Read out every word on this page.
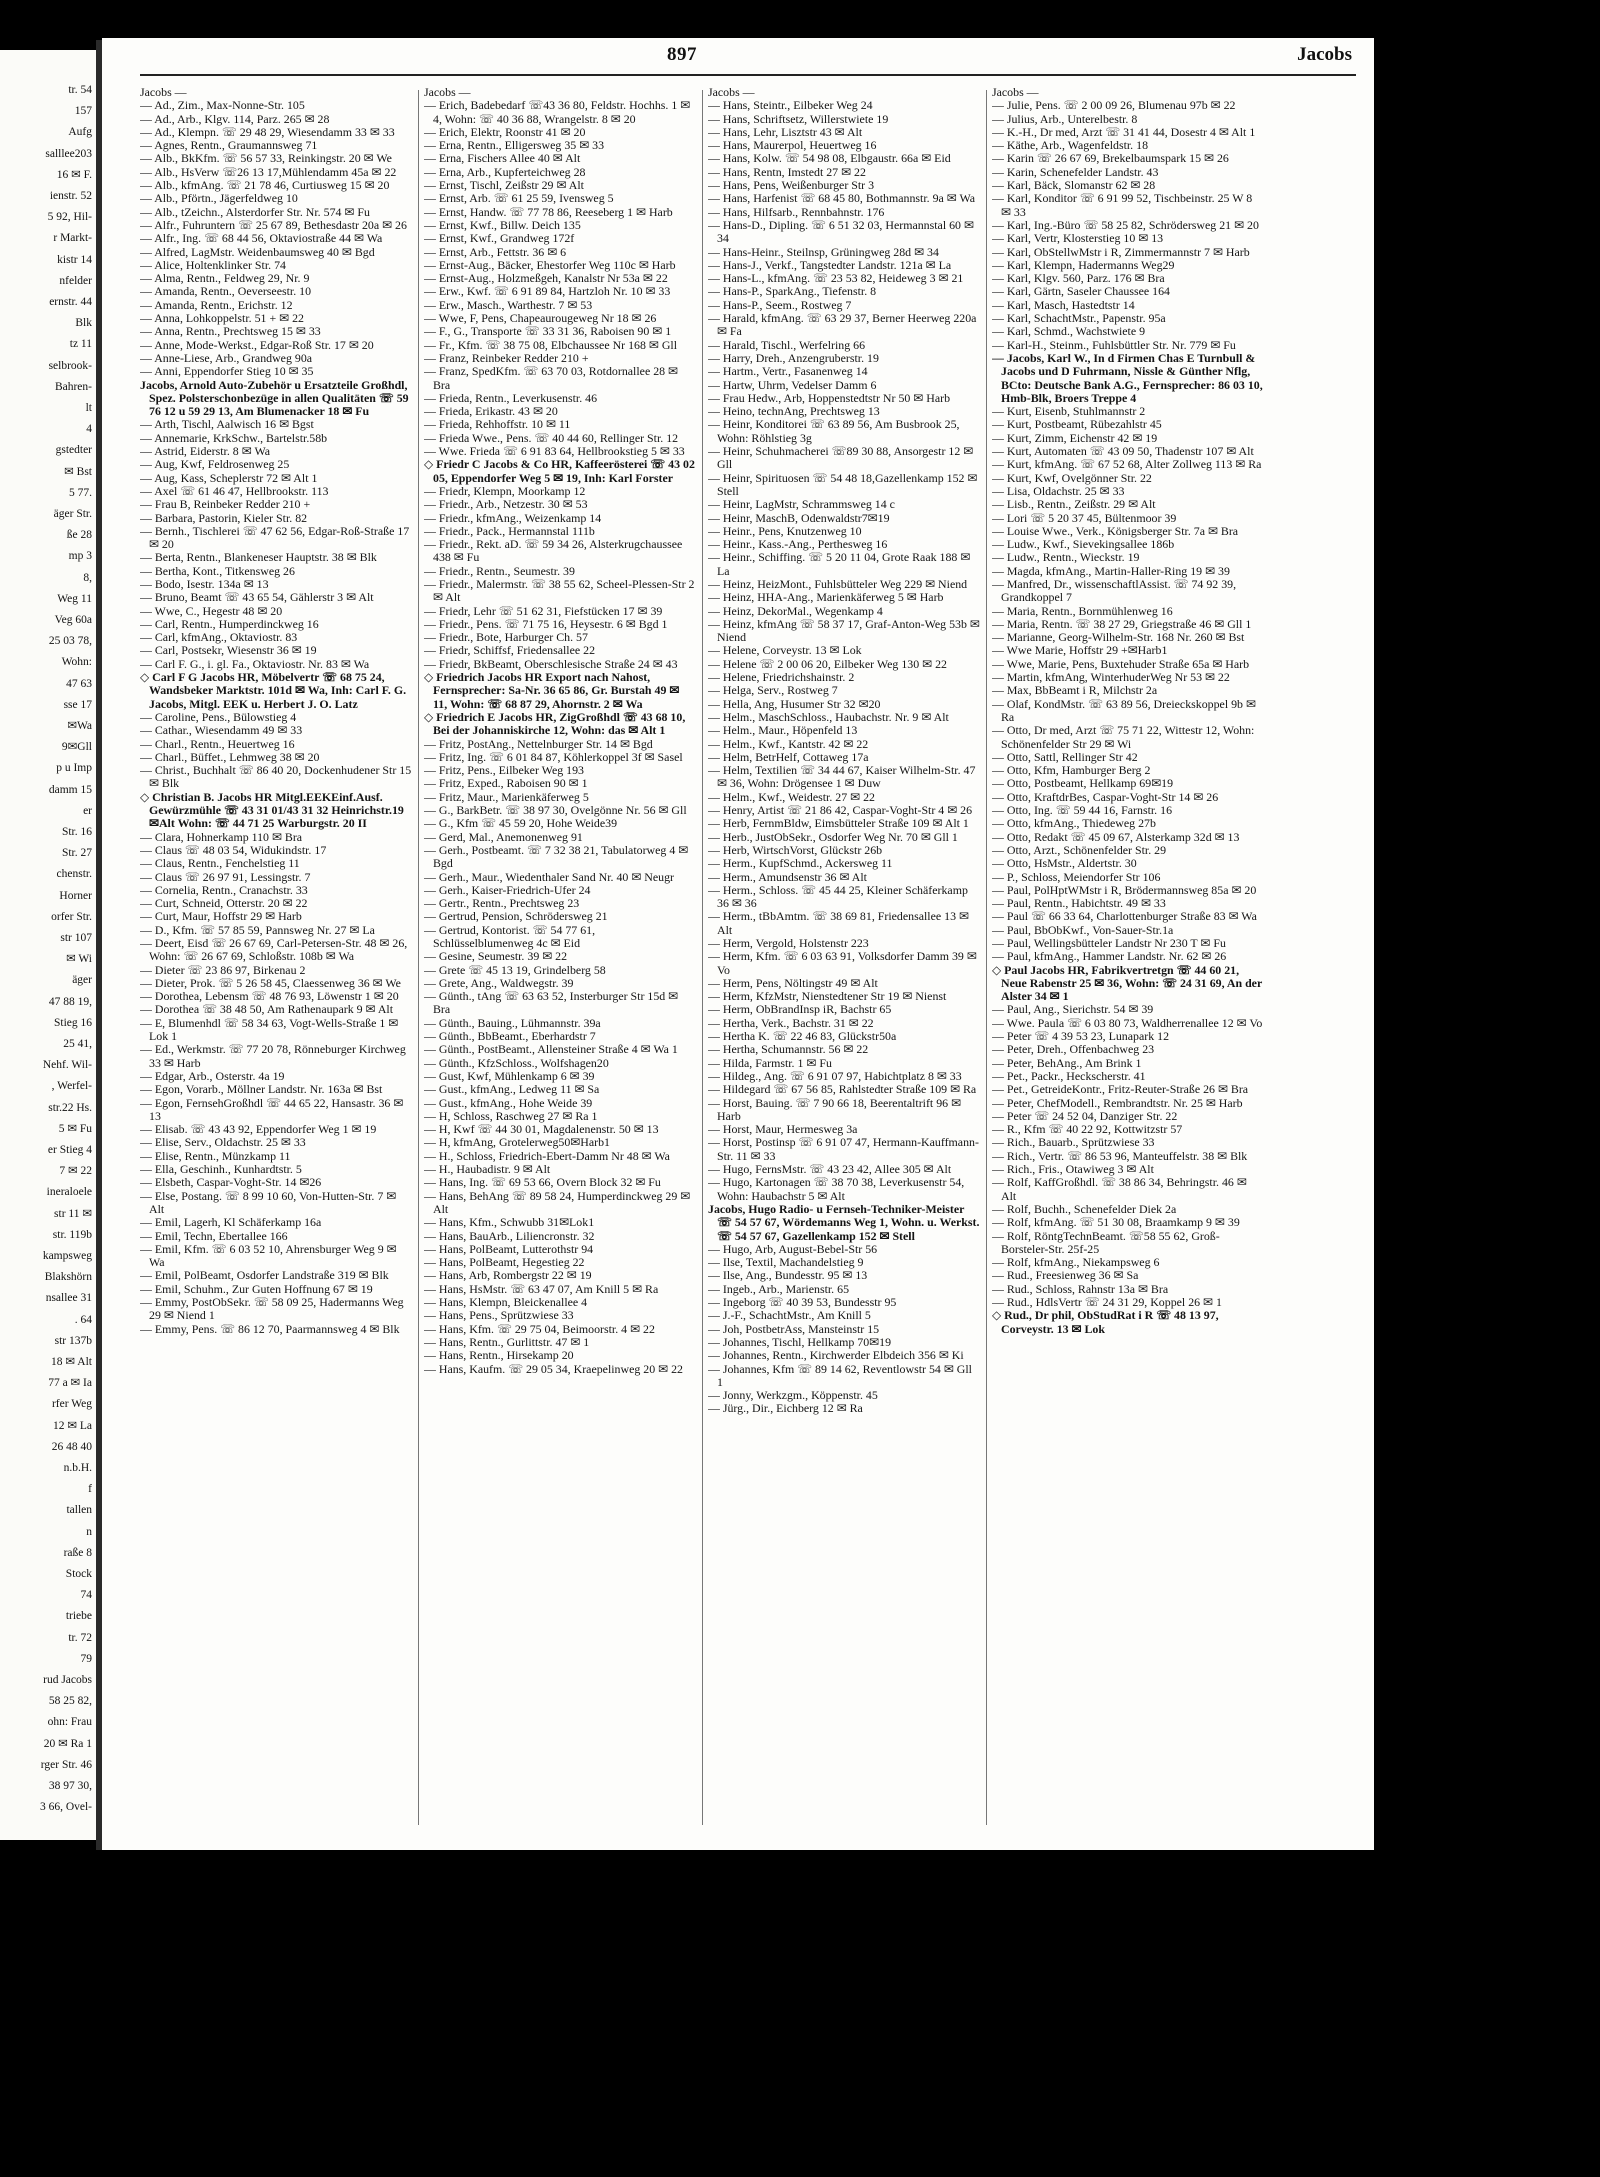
tr. 54
157
Aufg
salllee203
16 ✉ F.
ienstr. 52
5 92, Hil-
r Markt-
kistr 14
nfelder
ernstr. 44
Blk
tz 11
selbrook-
Bahren-
lt
4
gstedter
✉ Bst
5 77.
äger Str.
ße 28
mp 3
8,
Weg 11
Veg 60a
25 03 78,
Wohn:
47 63
sse 17
✉Wa
9✉Gll
p u Imp
damm 15
er
Str. 16
Str. 27
chenstr.
Horner
orfer Str.
str 107
✉ Wi
äger
47 88 19,
Stieg 16
25 41,
Nehf. Wil-
, Werfel-
str.22 Hs.
5 ✉ Fu
er Stieg 4
7 ✉ 22
ineraloele
str 11 ✉
str. 119b
kampsweg
Blakshörn
nsallee 31
. 64
str 137b
18 ✉ Alt
77 a ✉ Ia
rfer Weg
12 ✉ La
26 48 40
n.b.H.
f
tallen
n
raße 8
Stock
74
triebe
tr. 72
79
rud Jacobs
58 25 82,
ohn: Frau
20 ✉ Ra 1
rger Str. 46
38 97 30,
3 66, Ovel-
897	Jacobs
Jacobs —

— Ad., Zim., Max-Nonne-Str. 105

— Ad., Arb., Klgv. 114, Parz. 265 ✉ 28

— Ad., Klempn. ☏ 29 48 29, Wiesendamm 33 ✉ 33

— Agnes, Rentn., Graumannsweg 71

— Alb., BkKfm. ☏ 56 57 33, Reinkingstr. 20 ✉ We

— Alb., HsVerw ☏26 13 17,Mühlendamm 45a ✉ 22

— Alb., kfmAng. ☏ 21 78 46, Curtiusweg 15 ✉ 20

— Alb., Pförtn., Jägerfeldweg 10

— Alb., tZeichn., Alsterdorfer Str. Nr. 574 ✉ Fu

— Alfr., Fuhruntern ☏ 25 67 89, Bethesdastr 20a ✉ 26

— Alfr., Ing. ☏ 68 44 56, Oktaviostraße 44 ✉ Wa

— Alfred, LagMstr. Weidenbaumsweg 40 ✉ Bgd

— Alice, Holtenklinker Str. 74

— Alma, Rentn., Feldweg 29, Nr. 9

— Amanda, Rentn., Oeverseestr. 10

— Amanda, Rentn., Erichstr. 12

— Anna, Lohkoppelstr. 51 + ✉ 22

— Anna, Rentn., Prechtsweg 15 ✉ 33

— Anne, Mode-Werkst., Edgar-Roß Str. 17 ✉ 20

— Anne-Liese, Arb., Grandweg 90a

— Anni, Eppendorfer Stieg 10 ✉ 35

Jacobs, Arnold Auto-Zubehör u Ersatzteile Großhdl, Spez. Polsterschonbezüge in allen Qualitäten ☏ 59 76 12 u 59 29 13, Am Blumenacker 18 ✉ Fu

— Arth, Tischl, Aalwisch 16 ✉ Bgst

— Annemarie, KrkSchw., Bartelstr.58b

— Astrid, Eiderstr. 8 ✉ Wa

— Aug, Kwf, Feldrosenweg 25

— Aug, Kass, Scheplerstr 72 ✉ Alt 1

— Axel ☏ 61 46 47, Hellbrookstr. 113

— Frau B, Reinbeker Redder 210 +

— Barbara, Pastorin, Kieler Str. 82

— Bernh., Tischlerei ☏ 47 62 56, Edgar-Roß-Straße 17 ✉ 20

— Berta, Rentn., Blankeneser Hauptstr. 38 ✉ Blk

— Bertha, Kont., Titkensweg 26

— Bodo, Isestr. 134a ✉ 13

— Bruno, Beamt ☏ 43 65 54, Gählerstr 3 ✉ Alt

— Wwe, C., Hegestr 48 ✉ 20

— Carl, Rentn., Humperdinckweg 16

— Carl, kfmAng., Oktaviostr. 83

— Carl, Postsekr, Wiesenstr 36 ✉ 19

— Carl F. G., i. gl. Fa., Oktaviostr. Nr. 83 ✉ Wa

◇ Carl F G Jacobs HR, Möbelvertr ☏ 68 75 24, Wandsbeker Marktstr. 101d ✉ Wa, Inh: Carl F. G. Jacobs, Mitgl. EEK u. Herbert J. O. Latz

— Caroline, Pens., Bülowstieg 4

— Cathar., Wiesendamm 49 ✉ 33

— Charl., Rentn., Heuertweg 16

— Charl., Büffet., Lehmweg 38 ✉ 20

— Christ., Buchhalt ☏ 86 40 20, Dockenhudener Str 15 ✉ Blk

◇ Christian B. Jacobs HR Mitgl.EEKEinf.Ausf. Gewürzmühle ☏ 43 31 01/43 31 32 Heinrichstr.19✉Alt Wohn: ☏ 44 71 25 Warburgstr. 20 II

— Clara, Hohnerkamp 110 ✉ Bra

— Claus ☏ 48 03 54, Widukindstr. 17

— Claus, Rentn., Fenchelstieg 11

— Claus ☏ 26 97 91, Lessingstr. 7

— Cornelia, Rentn., Cranachstr. 33

— Curt, Schneid, Otterstr. 20 ✉ 22

— Curt, Maur, Hoffstr 29 ✉ Harb

— D., Kfm. ☏ 57 85 59, Pannsweg Nr. 27 ✉ La

— Deert, Eisd ☏ 26 67 69, Carl-Petersen-Str. 48 ✉ 26, Wohn: ☏ 26 67 69, Schloßstr. 108b ✉ Wa

— Dieter ☏ 23 86 97, Birkenau 2

— Dieter, Prok. ☏ 5 26 58 45, Claessenweg 36 ✉ We

— Dorothea, Lebensm ☏ 48 76 93, Löwenstr 1 ✉ 20

— Dorothea ☏ 38 48 50, Am Rathenaupark 9 ✉ Alt

— E, Blumenhdl ☏ 58 34 63, Vogt-Wells-Straße 1 ✉ Lok 1

— Ed., Werkmstr. ☏ 77 20 78, Rönneburger Kirchweg 33 ✉ Harb

— Edgar, Arb., Osterstr. 4a 19

— Egon, Vorarb., Möllner Landstr. Nr. 163a ✉ Bst

— Egon, FernsehGroßhdl ☏ 44 65 22, Hansastr. 36 ✉ 13

— Elisab. ☏ 43 43 92, Eppendorfer Weg 1 ✉ 19

— Elise, Serv., Oldachstr. 25 ✉ 33

— Elise, Rentn., Münzkamp 11

— Ella, Geschinh., Kunhardtstr. 5

— Elsbeth, Caspar-Voght-Str. 14 ✉26

— Else, Postang. ☏ 8 99 10 60, Von-Hutten-Str. 7 ✉ Alt

— Emil, Lagerh, Kl Schäferkamp 16a

— Emil, Techn, Ebertallee 166

— Emil, Kfm. ☏ 6 03 52 10, Ahrensburger Weg 9 ✉ Wa

— Emil, PolBeamt, Osdorfer Landstraße 319 ✉ Blk

— Emil, Schuhm., Zur Guten Hoffnung 67 ✉ 19

— Emmy, PostObSekr. ☏ 58 09 25, Hadermanns Weg 29 ✉ Niend 1

— Emmy, Pens. ☏ 86 12 70, Paarmannsweg 4 ✉ Blk

Jacobs —

— Erich, Badebedarf ☏43 36 80, Feldstr. Hochhs. 1 ✉ 4, Wohn: ☏ 40 36 88, Wrangelstr. 8 ✉ 20

— Erich, Elektr, Roonstr 41 ✉ 20

— Erna, Rentn., Elligersweg 35 ✉ 33

— Erna, Fischers Allee 40 ✉ Alt

— Erna, Arb., Kupferteichweg 28

— Ernst, Tischl, Zeißstr 29 ✉ Alt

— Ernst, Arb. ☏ 61 25 59, Ivensweg 5

— Ernst, Handw. ☏ 77 78 86, Reeseberg 1 ✉ Harb

— Ernst, Kwf., Billw. Deich 135

— Ernst, Kwf., Grandweg 172f

— Ernst, Arb., Fettstr. 36 ✉ 6

— Ernst-Aug., Bäcker, Ehestorfer Weg 110c ✉ Harb

— Ernst-Aug., Holzmeßgeh, Kanalstr Nr 53a ✉ 22

— Erw., Kwf. ☏ 6 91 89 84, Hartzloh Nr. 10 ✉ 33

— Erw., Masch., Warthestr. 7 ✉ 53

— Wwe, F, Pens, Chapeaurougeweg Nr 18 ✉ 26

— F., G., Transporte ☏ 33 31 36, Raboisen 90 ✉ 1

— Fr., Kfm. ☏ 38 75 08, Elbchaussee Nr 168 ✉ Gll

— Franz, Reinbeker Redder 210 +

— Franz, SpedKfm. ☏ 63 70 03, Rotdornallee 28 ✉ Bra

— Frieda, Rentn., Leverkusenstr. 46

— Frieda, Erikastr. 43 ✉ 20

— Frieda, Rehhoffstr. 10 ✉ 11

— Frieda Wwe., Pens. ☏ 40 44 60, Rellinger Str. 12

— Wwe. Frieda ☏ 6 91 83 64, Hellbrookstieg 5 ✉ 33

◇ Friedr C Jacobs & Co HR, Kaffeerösterei ☏ 43 02 05, Eppendorfer Weg 5 ✉ 19, Inh: Karl Forster

— Friedr, Klempn, Moorkamp 12

— Friedr., Arb., Netzestr. 30 ✉ 53

— Friedr., kfmAng., Weizenkamp 14

— Friedr., Pack., Hermannstal 111b

— Friedr., Rekt. aD. ☏ 59 34 26, Alsterkrugchaussee 438 ✉ Fu

— Friedr., Rentn., Seumestr. 39

— Friedr., Malermstr. ☏ 38 55 62, Scheel-Plessen-Str 2 ✉ Alt

— Friedr, Lehr ☏ 51 62 31, Fiefstücken 17 ✉ 39

— Friedr., Pens. ☏ 71 75 16, Heysestr. 6 ✉ Bgd 1

— Friedr., Bote, Harburger Ch. 57

— Friedr, Schiffsf, Friedensallee 22

— Friedr, BkBeamt, Oberschlesische Straße 24 ✉ 43

◇ Friedrich Jacobs HR Export nach Nahost, Fernsprecher: Sa-Nr. 36 65 86, Gr. Burstah 49 ✉ 11, Wohn: ☏ 68 87 29, Ahornstr. 2 ✉ Wa

◇ Friedrich E Jacobs HR, ZigGroßhdl ☏ 43 68 10, Bei der Johanniskirche 12, Wohn: das ✉ Alt 1

— Fritz, PostAng., Nettelnburger Str. 14 ✉ Bgd

— Fritz, Ing. ☏ 6 01 84 87, Köhlerkoppel 3f ✉ Sasel

— Fritz, Pens., Eilbeker Weg 193

— Fritz, Exped., Raboisen 90 ✉ 1

— Fritz, Maur., Marienkäferweg 5

— G., BarkBetr. ☏ 38 97 30, Ovelgönne Nr. 56 ✉ Gll

— G., Kfm ☏ 45 59 20, Hohe Weide39

— Gerd, Mal., Anemonenweg 91

— Gerh., Postbeamt. ☏ 7 32 38 21, Tabulatorweg 4 ✉ Bgd

— Gerh., Maur., Wiedenthaler Sand Nr. 40 ✉ Neugr

— Gerh., Kaiser-Friedrich-Ufer 24

— Gertr., Rentn., Prechtsweg 23

— Gertrud, Pension, Schrödersweg 21

— Gertrud, Kontorist. ☏ 54 77 61, Schlüsselblumenweg 4c ✉ Eid

— Gesine, Seumestr. 39 ✉ 22

— Grete ☏ 45 13 19, Grindelberg 58

— Grete, Ang., Waldwegstr. 39

— Günth., tAng ☏ 63 63 52, Insterburger Str 15d ✉ Bra

— Günth., Bauing., Lühmannstr. 39a

— Günth., BbBeamt., Eberhardstr 7

— Günth., PostBeamt., Allensteiner Straße 4 ✉ Wa 1

— Günth., KfzSchloss., Wolfshagen20

— Gust, Kwf, Mühlenkamp 6 ✉ 39

— Gust., kfmAng., Ledweg 11 ✉ Sa

— Gust., kfmAng., Hohe Weide 39

— H, Schloss, Raschweg 27 ✉ Ra 1

— H, Kwf ☏ 44 30 01, Magdalenenstr. 50 ✉ 13

— H, kfmAng, Grotelerweg50✉Harb1

— H., Schloss, Friedrich-Ebert-Damm Nr 48 ✉ Wa

— H., Haubadistr. 9 ✉ Alt

— Hans, Ing. ☏ 69 53 66, Overn Block 32 ✉ Fu

— Hans, BehAng ☏ 89 58 24, Humperdinckweg 29 ✉ Alt

— Hans, Kfm., Schwubb 31✉Lok1

— Hans, BauArb., Liliencronstr. 32

— Hans, PolBeamt, Lutterothstr 94

— Hans, PolBeamt, Hegestieg 22

— Hans, Arb, Rombergstr 22 ✉ 19

— Hans, HsMstr. ☏ 63 47 07, Am Knill 5 ✉ Ra

— Hans, Klempn, Bleickenallee 4

— Hans, Pens., Sprützwiese 33

— Hans, Kfm. ☏ 29 75 04, Beimoorstr. 4 ✉ 22

— Hans, Rentn., Gurlittstr. 47 ✉ 1

— Hans, Rentn., Hirsekamp 20

— Hans, Kaufm. ☏ 29 05 34, Kraepelinweg 20 ✉ 22

Jacobs —

— Hans, Steintr., Eilbeker Weg 24

— Hans, Schriftsetz, Willerstwiete 19

— Hans, Lehr, Lisztstr 43 ✉ Alt

— Hans, Maurerpol, Heuertweg 16

— Hans, Kolw. ☏ 54 98 08, Elbgaustr. 66a ✉ Eid

— Hans, Rentn, Imstedt 27 ✉ 22

— Hans, Pens, Weißenburger Str 3

— Hans, Harfenist ☏ 68 45 80, Bothmannstr. 9a ✉ Wa

— Hans, Hilfsarb., Rennbahnstr. 176

— Hans-D., Dipling. ☏ 6 51 32 03, Hermannstal 60 ✉ 34

— Hans-Heinr., Steilnsp, Grüningweg 28d ✉ 34

— Hans-J., Verkf., Tangstedter Landstr. 121a ✉ La

— Hans-L., kfmAng. ☏ 23 53 82, Heideweg 3 ✉ 21

— Hans-P., SparkAng., Tiefenstr. 8

— Hans-P., Seem., Rostweg 7

— Harald, kfmAng. ☏ 63 29 37, Berner Heerweg 220a ✉ Fa

— Harald, Tischl., Werfelring 66

— Harry, Dreh., Anzengruberstr. 19

— Hartm., Vertr., Fasanenweg 14

— Hartw, Uhrm, Vedelser Damm 6

— Frau Hedw., Arb, Hoppenstedtstr Nr 50 ✉ Harb

— Heino, technAng, Prechtsweg 13

— Heinr, Konditorei ☏ 63 89 56, Am Busbrook 25, Wohn: Röhlstieg 3g

— Heinr, Schuhmacherei ☏89 30 88, Ansorgestr 12 ✉ Gll

— Heinr, Spirituosen ☏ 54 48 18,Gazellenkamp 152 ✉ Stell

— Heinr, LagMstr, Schrammsweg 14 c

— Heinr, MaschB, Odenwaldstr7✉19

— Heinr., Pens, Knutzenweg 10

— Heinr., Kass.-Ang., Perthesweg 16

— Heinr., Schiffing. ☏ 5 20 11 04, Grote Raak 188 ✉ La

— Heinz, HeizMont., Fuhlsbütteler Weg 229 ✉ Niend

— Heinz, HHA-Ang., Marienkäferweg 5 ✉ Harb

— Heinz, DekorMal., Wegenkamp 4

— Heinz, kfmAng ☏ 58 37 17, Graf-Anton-Weg 53b ✉ Niend

— Helene, Corveystr. 13 ✉ Lok

— Helene ☏ 2 00 06 20, Eilbeker Weg 130 ✉ 22

— Helene, Friedrichshainstr. 2

— Helga, Serv., Rostweg 7

— Hella, Ang, Husumer Str 32 ✉20

— Helm., MaschSchloss., Haubachstr. Nr. 9 ✉ Alt

— Helm., Maur., Höpenfeld 13

— Helm., Kwf., Kantstr. 42 ✉ 22

— Helm, BetrHelf, Cottaweg 17a

— Helm, Textilien ☏ 34 44 67, Kaiser Wilhelm-Str. 47 ✉ 36, Wohn: Drögensee 1 ✉ Duw

— Helm., Kwf., Weidestr. 27 ✉ 22

— Henry, Artist ☏ 21 86 42, Caspar-Voght-Str 4 ✉ 26

— Herb, FernmBldw, Eimsbütteler Straße 109 ✉ Alt 1

— Herb., JustObSekr., Osdorfer Weg Nr. 70 ✉ Gll 1

— Herb, WirtschVorst, Glückstr 26b

— Herm., KupfSchmd., Ackersweg 11

— Herm., Amundsenstr 36 ✉ Alt

— Herm., Schloss. ☏ 45 44 25, Kleiner Schäferkamp 36 ✉ 36

— Herm., tBbAmtm. ☏ 38 69 81, Friedensallee 13 ✉ Alt

— Herm, Vergold, Holstenstr 223

— Herm, Kfm. ☏ 6 03 63 91, Volksdorfer Damm 39 ✉ Vo

— Herm, Pens, Nöltingstr 49 ✉ Alt

— Herm, KfzMstr, Nienstedtener Str 19 ✉ Nienst

— Herm, ObBrandInsp iR, Bachstr 65

— Hertha, Verk., Bachstr. 31 ✉ 22

— Hertha K. ☏ 22 46 83, Glückstr50a

— Hertha, Schumannstr. 56 ✉ 22

— Hilda, Farmstr. 1 ✉ Fu

— Hildeg., Ang. ☏ 6 91 07 97, Habichtplatz 8 ✉ 33

— Hildegard ☏ 67 56 85, Rahlstedter Straße 109 ✉ Ra

— Horst, Bauing. ☏ 7 90 66 18, Beerentaltrift 96 ✉ Harb

— Horst, Maur, Hermesweg 3a

— Horst, Postinsp ☏ 6 91 07 47, Hermann-Kauffmann-Str. 11 ✉ 33

— Hugo, FernsMstr. ☏ 43 23 42, Allee 305 ✉ Alt

— Hugo, Kartonagen ☏ 38 70 38, Leverkusenstr 54, Wohn: Haubachstr 5 ✉ Alt

Jacobs, Hugo Radio- u Fernseh-Techniker-Meister ☏ 54 57 67, Wördemanns Weg 1, Wohn. u. Werkst. ☏ 54 57 67, Gazellenkamp 152 ✉ Stell

— Hugo, Arb, August-Bebel-Str 56

— Ilse, Textil, Machandelstieg 9

— Ilse, Ang., Bundesstr. 95 ✉ 13

— Ingeb., Arb., Marienstr. 65

— Ingeborg ☏ 40 39 53, Bundesstr 95

— J.-F., SchachtMstr., Am Knill 5

— Joh, PostbetrAss, Mansteinstr 15

— Johannes, Tischl, Hellkamp 70✉19

— Johannes, Rentn., Kirchwerder Elbdeich 356 ✉ Ki

— Johannes, Kfm ☏ 89 14 62, Reventlowstr 54 ✉ Gll 1

— Jonny, Werkzgm., Köppenstr. 45

— Jürg., Dir., Eichberg 12 ✉ Ra

Jacobs —

— Julie, Pens. ☏ 2 00 09 26, Blumenau 97b ✉ 22

— Julius, Arb., Unterelbestr. 8

— K.-H., Dr med, Arzt ☏ 31 41 44, Dosestr 4 ✉ Alt 1

— Käthe, Arb., Wagenfeldstr. 18

— Karin ☏ 26 67 69, Brekelbaumspark 15 ✉ 26

— Karin, Schenefelder Landstr. 43

— Karl, Bäck, Slomanstr 62 ✉ 28

— Karl, Konditor ☏ 6 91 99 52, Tischbeinstr. 25 W 8 ✉ 33

— Karl, Ing.-Büro ☏ 58 25 82, Schrödersweg 21 ✉ 20

— Karl, Vertr, Klosterstieg 10 ✉ 13

— Karl, ObStellwMstr i R, Zimmermannstr 7 ✉ Harb

— Karl, Klempn, Hadermanns Weg29

— Karl, Klgv. 560, Parz. 176 ✉ Bra

— Karl, Gärtn, Saseler Chaussee 164

— Karl, Masch, Hastedtstr 14

— Karl, SchachtMstr., Papenstr. 95a

— Karl, Schmd., Wachstwiete 9

— Karl-H., Steinm., Fuhlsbüttler Str. Nr. 779 ✉ Fu

— Jacobs, Karl W., In d Firmen Chas E Turnbull & Jacobs und D Fuhrmann, Nissle & Günther Nflg, BCto: Deutsche Bank A.G., Fernsprecher: 86 03 10, Hmb-Blk, Broers Treppe 4

— Kurt, Eisenb, Stuhlmannstr 2

— Kurt, Postbeamt, Rübezahlstr 45

— Kurt, Zimm, Eichenstr 42 ✉ 19

— Kurt, Automaten ☏ 43 09 50, Thadenstr 107 ✉ Alt

— Kurt, kfmAng. ☏ 67 52 68, Alter Zollweg 113 ✉ Ra

— Kurt, Kwf, Ovelgönner Str. 22

— Lisa, Oldachstr. 25 ✉ 33

— Lisb., Rentn., Zeißstr. 29 ✉ Alt

— Lori ☏ 5 20 37 45, Bültenmoor 39

— Louise Wwe., Verk., Königsberger Str. 7a ✉ Bra

— Ludw., Kwf., Sievekingsallee 186b

— Ludw., Rentn., Wieckstr. 19

— Magda, kfmAng., Martin-Haller-Ring 19 ✉ 39

— Manfred, Dr., wissenschaftlAssist. ☏ 74 92 39, Grandkoppel 7

— Maria, Rentn., Bornmühlenweg 16

— Maria, Rentn. ☏ 38 27 29, Griegstraße 46 ✉ Gll 1

— Marianne, Georg-Wilhelm-Str. 168 Nr. 260 ✉ Bst

— Wwe Marie, Hoffstr 29 +✉Harb1

— Wwe, Marie, Pens, Buxtehuder Straße 65a ✉ Harb

— Martin, kfmAng, WinterhuderWeg Nr 53 ✉ 22

— Max, BbBeamt i R, Milchstr 2a

— Olaf, KondMstr. ☏ 63 89 56, Dreieckskoppel 9b ✉ Ra

— Otto, Dr med, Arzt ☏ 75 71 22, Wittestr 12, Wohn: Schönenfelder Str 29 ✉ Wi

— Otto, Sattl, Rellinger Str 42

— Otto, Kfm, Hamburger Berg 2

— Otto, Postbeamt, Hellkamp 69✉19

— Otto, KraftdrBes, Caspar-Voght-Str 14 ✉ 26

— Otto, Ing. ☏ 59 44 16, Farnstr. 16

— Otto, kfmAng., Thiedeweg 27b

— Otto, Redakt ☏ 45 09 67, Alsterkamp 32d ✉ 13

— Otto, Arzt., Schönenfelder Str. 29

— Otto, HsMstr., Aldertstr. 30

— P., Schloss, Meiendorfer Str 106

— Paul, PolHptWMstr i R, Brödermannsweg 85a ✉ 20

— Paul, Rentn., Habichtstr. 49 ✉ 33

— Paul ☏ 66 33 64, Charlottenburger Straße 83 ✉ Wa

— Paul, BbObKwf., Von-Sauer-Str.1a

— Paul, Wellingsbütteler Landstr Nr 230 T ✉ Fu

— Paul, kfmAng., Hammer Landstr. Nr. 62 ✉ 26

◇ Paul Jacobs HR, Fabrikvertretgn ☏ 44 60 21, Neue Rabenstr 25 ✉ 36, Wohn: ☏ 24 31 69, An der Alster 34 ✉ 1

— Paul, Ang., Sierichstr. 54 ✉ 39

— Wwe. Paula ☏ 6 03 80 73, Waldherrenallee 12 ✉ Vo

— Peter ☏ 4 39 53 23, Lunapark 12

— Peter, Dreh., Offenbachweg 23

— Peter, BehAng., Am Brink 1

— Pet., Packr., Heckscherstr. 41

— Pet., GetreideKontr., Fritz-Reuter-Straße 26 ✉ Bra

— Peter, ChefModell., Rembrandtstr. Nr. 25 ✉ Harb

— Peter ☏ 24 52 04, Danziger Str. 22

— R., Kfm ☏ 40 22 92, Kottwitzstr 57

— Rich., Bauarb., Sprützwiese 33

— Rich., Vertr. ☏ 86 53 96, Manteuffelstr. 38 ✉ Blk

— Rich., Fris., Otawiweg 3 ✉ Alt

— Rolf, KaffGroßhdl. ☏ 38 86 34, Behringstr. 46 ✉ Alt

— Rolf, Buchh., Schenefelder Diek 2a

— Rolf, kfmAng. ☏ 51 30 08, Braamkamp 9 ✉ 39

— Rolf, RöntgTechnBeamt. ☏58 55 62, Groß-Borsteler-Str. 25f-25

— Rolf, kfmAng., Niekampsweg 6

— Rud., Freesienweg 36 ✉ Sa

— Rud., Schloss, Rahnstr 13a ✉ Bra

— Rud., HdlsVertr ☏ 24 31 29, Koppel 26 ✉ 1

◇ Rud., Dr phil, ObStudRat i R ☏ 48 13 97, Corveystr. 13 ✉ Lok
